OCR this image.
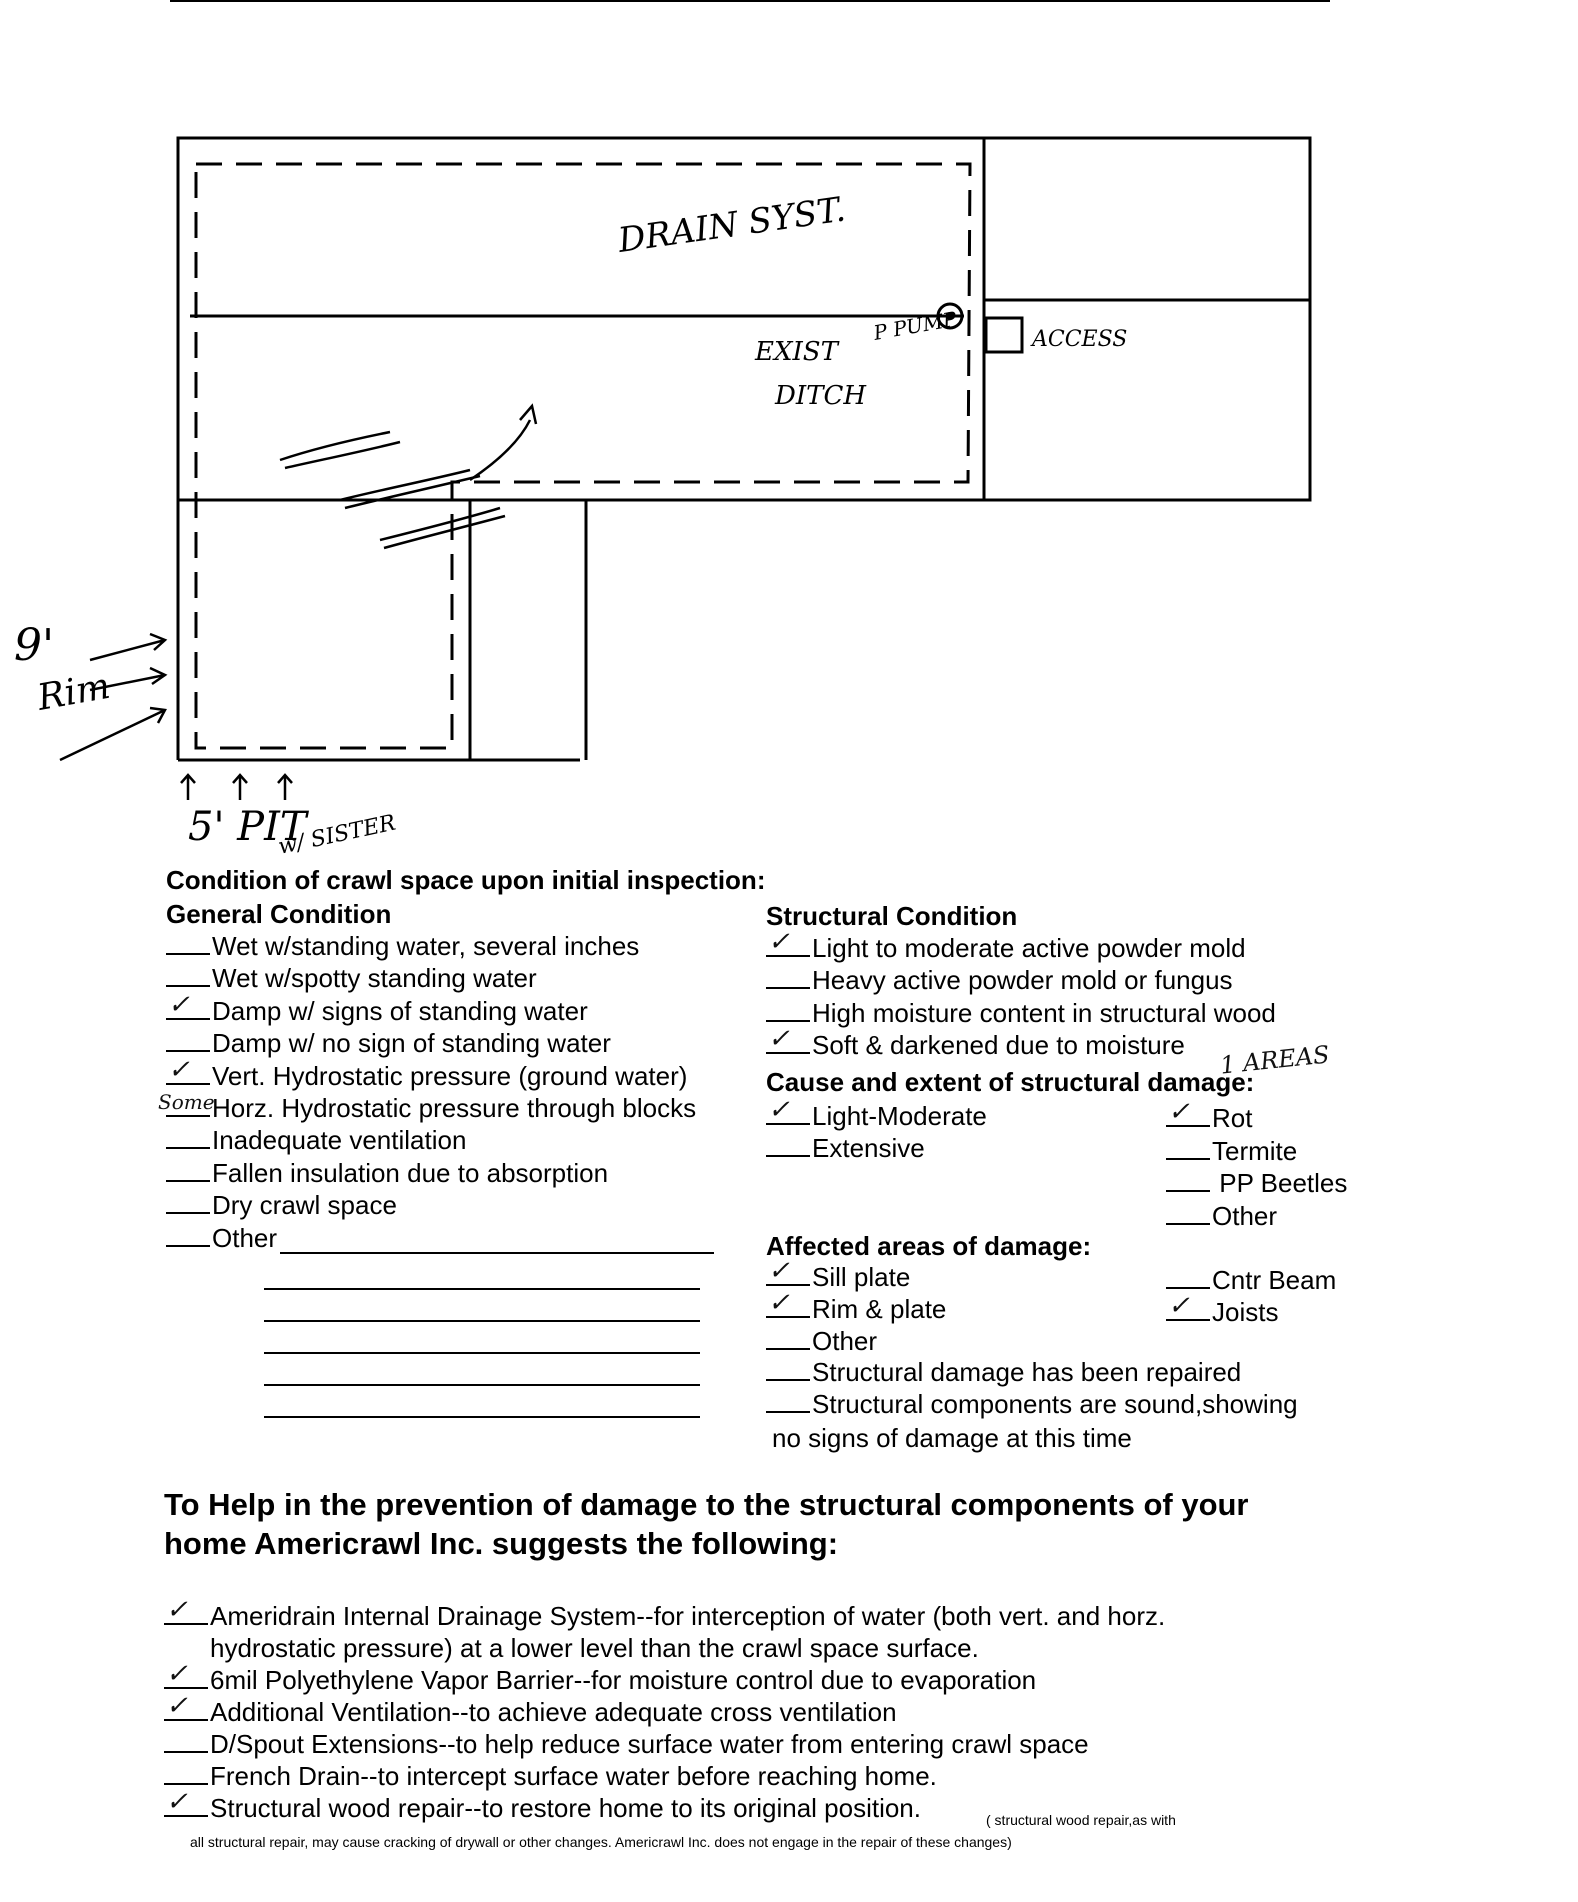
DRAIN SYST.
P PUMP	ACCESS
EXIST
DITCH
9'
Rim
5' PIT
w/ SISTER
Condition of crawl space upon initial inspection:
General Condition
Wet w/standing water, several inches
Wet w/spotty standing water
✓ Damp w/ signs of standing water
Damp w/ no sign of standing water
✓ Vert. Hydrostatic pressure (ground water)
Some
Horz. Hydrostatic pressure through blocks
Inadequate ventilation
Fallen insulation due to absorption
Dry crawl space
Other
Structural Condition
✓ Light to moderate active powder mold
Heavy active powder mold or fungus
High moisture content in structural wood
✓ Soft & darkened due to moisture	1 AREAS
Cause and extent of structural damage:
✓ Light-Moderate
Extensive
✓ Rot
Termite
PP Beetles
Other
Affected areas of damage:
✓ Sill plate
✓ Rim & plate
Other
Structural damage has been repaired
Structural components are sound,showing
no signs of damage at this time
Cntr Beam
✓ Joists
To Help in the prevention of damage to the structural components of your
home Americrawl Inc. suggests the following:
✓ Ameridrain Internal Drainage System--for interception of water (both vert. and horz.
hydrostatic pressure) at a lower level than the crawl space surface.
✓ 6mil Polyethylene Vapor Barrier--for moisture control due to evaporation
✓ Additional Ventilation--to achieve adequate cross ventilation
D/Spout Extensions--to help reduce surface water from entering crawl space
French Drain--to intercept surface water before reaching home.
✓ Structural wood repair--to restore home to its original position.	( structural wood repair,as with
all structural repair, may cause cracking of drywall or other changes. Americrawl Inc. does not engage in the repair of these changes)
